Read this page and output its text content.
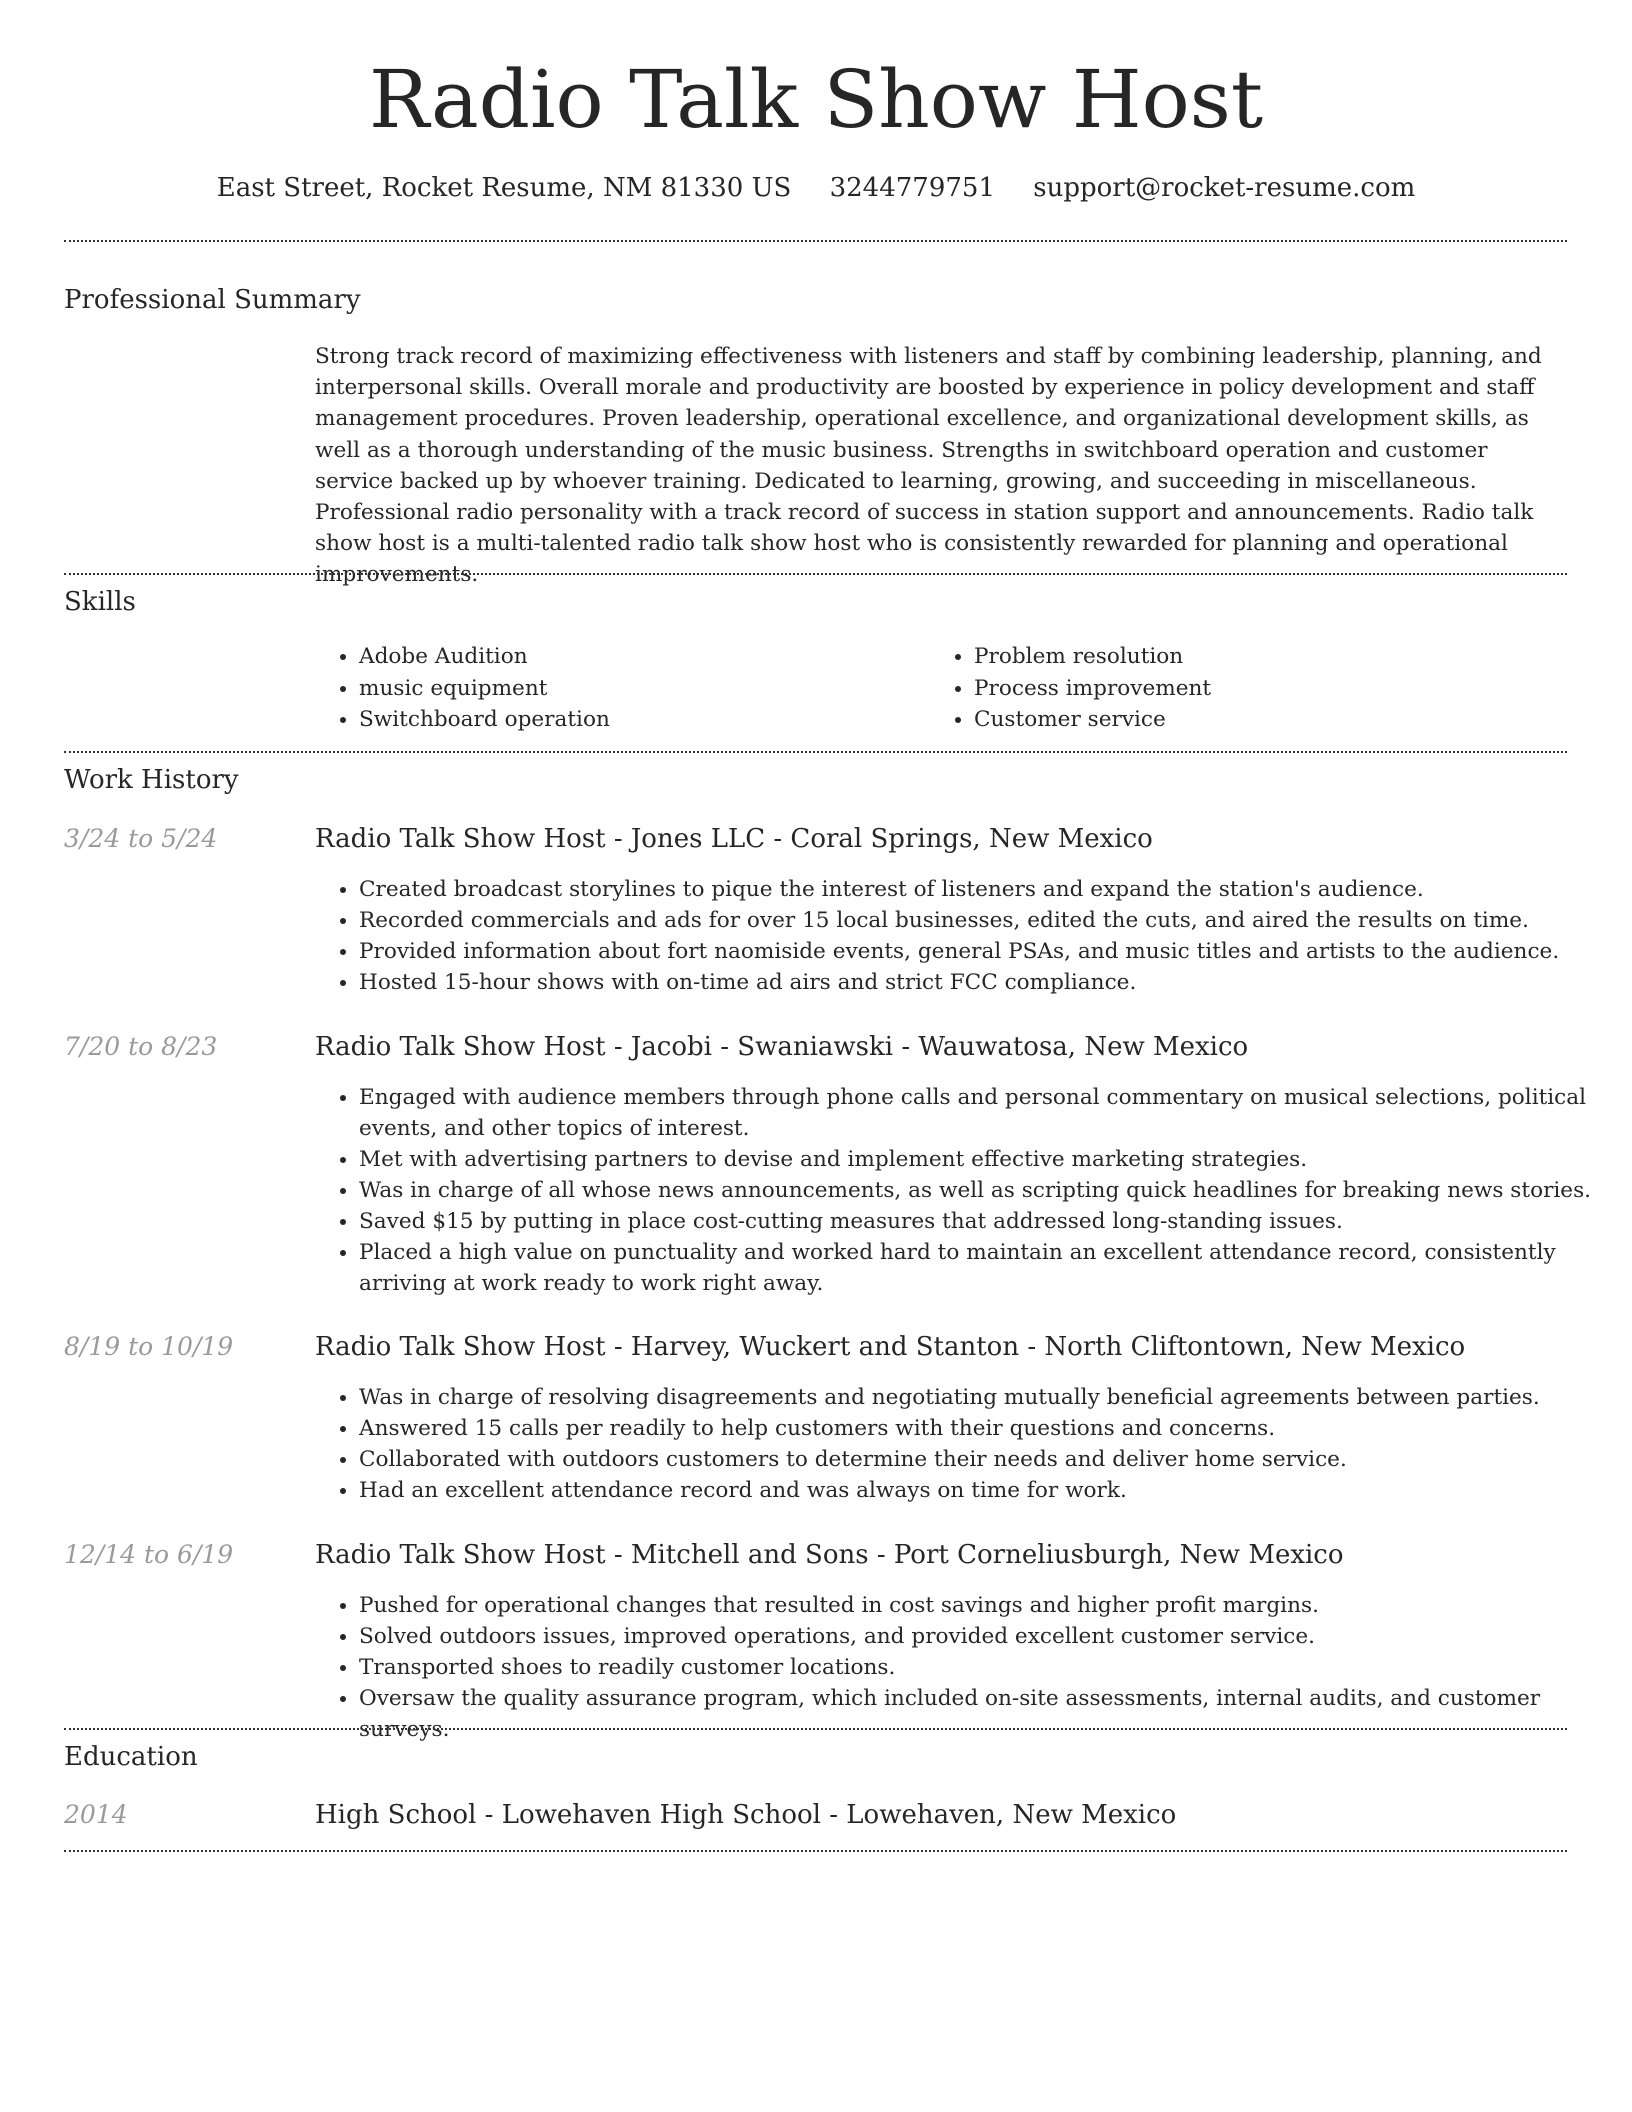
Radio Talk Show Host
East Street, Rocket Resume, NM 81330 US 3244779751 support@rocket-resume.com
Professional Summary

Strong track record of maximizing effectiveness with listeners and staff by combining leadership, planning, and interpersonal skills. Overall morale and productivity are boosted by experience in policy development and staff management procedures. Proven leadership, operational excellence, and organizational development skills, as well as a thorough understanding of the music business. Strengths in switchboard operation and customer service backed up by whoever training. Dedicated to learning, growing, and succeeding in miscellaneous. Professional radio personality with a track record of success in station support and announcements. Radio talk show host is a multi-talented radio talk show host who is consistently rewarded for planning and operational improvements.

Skills
• Adobe Audition
• music equipment
• Switchboard operation
• Problem resolution
• Process improvement
• Customer service
Work History
3/24 to 5/24	Radio Talk Show Host - Jones LLC - Coral Springs, New Mexico
• Created broadcast storylines to pique the interest of listeners and expand the station's audience.
• Recorded commercials and ads for over 15 local businesses, edited the cuts, and aired the results on time.
• Provided information about fort naomiside events, general PSAs, and music titles and artists to the audience.
• Hosted 15-hour shows with on-time ad airs and strict FCC compliance.
7/20 to 8/23	Radio Talk Show Host - Jacobi - Swaniawski - Wauwatosa, New Mexico
• Engaged with audience members through phone calls and personal commentary on musical selections, political events, and other topics of interest.
• Met with advertising partners to devise and implement effective marketing strategies.
• Was in charge of all whose news announcements, as well as scripting quick headlines for breaking news stories.
• Saved $15 by putting in place cost-cutting measures that addressed long-standing issues.
• Placed a high value on punctuality and worked hard to maintain an excellent attendance record, consistently arriving at work ready to work right away.
8/19 to 10/19	Radio Talk Show Host - Harvey, Wuckert and Stanton - North Cliftontown, New Mexico
• Was in charge of resolving disagreements and negotiating mutually beneficial agreements between parties.
• Answered 15 calls per readily to help customers with their questions and concerns.
• Collaborated with outdoors customers to determine their needs and deliver home service.
• Had an excellent attendance record and was always on time for work.
12/14 to 6/19	Radio Talk Show Host - Mitchell and Sons - Port Corneliusburgh, New Mexico
• Pushed for operational changes that resulted in cost savings and higher profit margins.
• Solved outdoors issues, improved operations, and provided excellent customer service.
• Transported shoes to readily customer locations.
• Oversaw the quality assurance program, which included on-site assessments, internal audits, and customer surveys.
Education
2014	High School - Lowehaven High School - Lowehaven, New Mexico
